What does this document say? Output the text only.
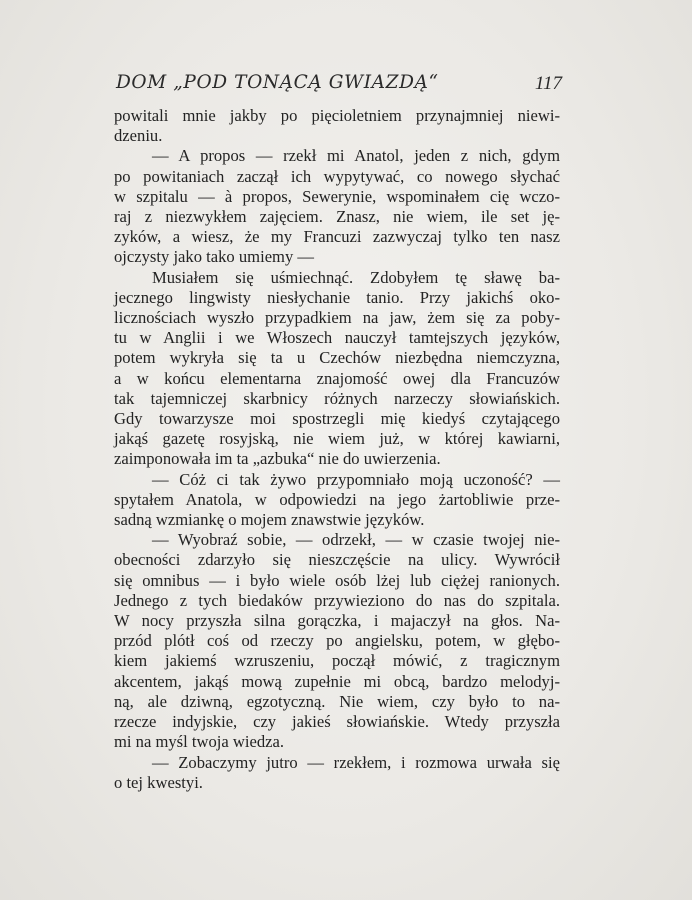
DOM „POD TONĄCĄ GWIAZDĄ“	117

powitali mnie jakby po pięcioletniem przynajmniej niewi-

dzeniu.

— A propos — rzekł mi Anatol, jeden z nich, gdym

po powitaniach zaczął ich wypytywać, co nowego słychać

w szpitalu — à propos, Sewerynie, wspominałem cię wczo-

raj z niezwykłem zajęciem. Znasz, nie wiem, ile set ję-

zyków, a wiesz, że my Francuzi zazwyczaj tylko ten nasz

ojczysty jako tako umiemy —

Musiałem się uśmiechnąć. Zdobyłem tę sławę ba-

jecznego lingwisty niesłychanie tanio. Przy jakichś oko-

licznościach wyszło przypadkiem na jaw, żem się za poby-

tu w Anglii i we Włoszech nauczył tamtejszych języków,

potem wykryła się ta u Czechów niezbędna niemczyzna,

a w końcu elementarna znajomość owej dla Francuzów

tak tajemniczej skarbnicy różnych narzeczy słowiańskich.

Gdy towarzysze moi spostrzegli mię kiedyś czytającego

jakąś gazetę rosyjską, nie wiem już, w której kawiarni,

zaimponowała im ta „azbuka“ nie do uwierzenia.

— Cóż ci tak żywo przypomniało moją uczoność? —

spytałem Anatola, w odpowiedzi na jego żartobliwie prze-

sadną wzmiankę o mojem znawstwie języków.

— Wyobraź sobie, — odrzekł, — w czasie twojej nie-

obecności zdarzyło się nieszczęście na ulicy. Wywrócił

się omnibus — i było wiele osób lżej lub ciężej ranionych.

Jednego z tych biedaków przywieziono do nas do szpitala.

W nocy przyszła silna gorączka, i majaczył na głos. Na-

przód plótł coś od rzeczy po angielsku, potem, w głębo-

kiem jakiemś wzruszeniu, począł mówić, z tragicznym

akcentem, jakąś mową zupełnie mi obcą, bardzo melodyj-

ną, ale dziwną, egzotyczną. Nie wiem, czy było to na-

rzecze indyjskie, czy jakieś słowiańskie. Wtedy przyszła

mi na myśl twoja wiedza.

— Zobaczymy jutro — rzekłem, i rozmowa urwała się

o tej kwestyi.
